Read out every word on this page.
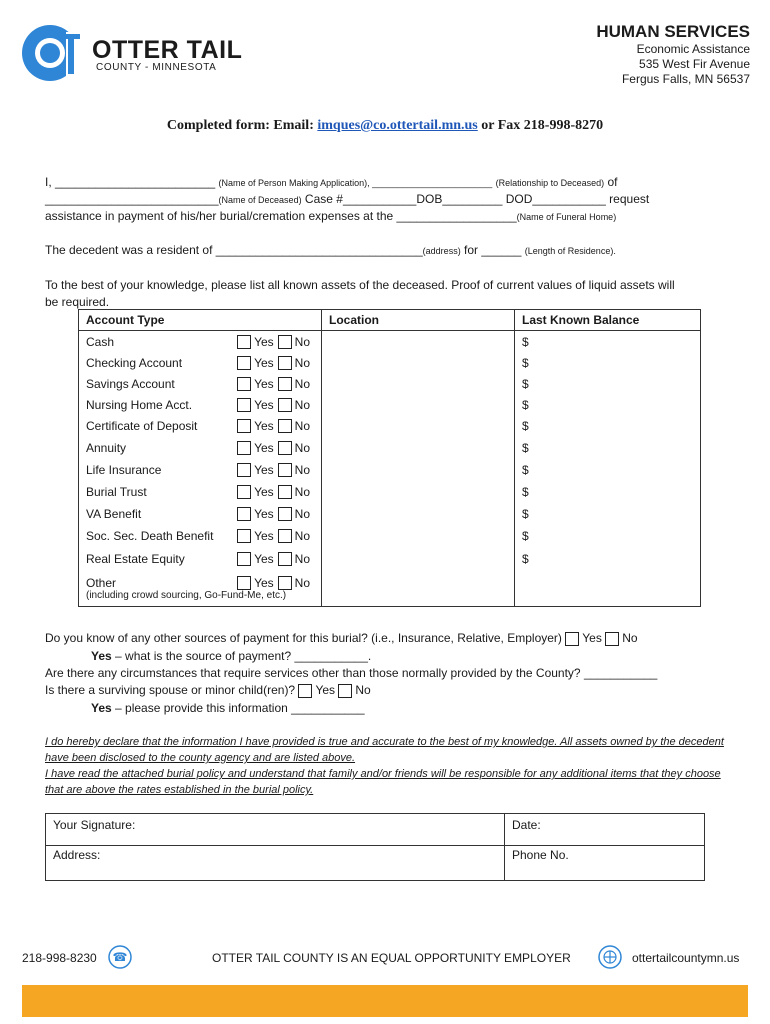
OTTER TAIL
COUNTY - MINNESOTA
HUMAN SERVICES
Economic Assistance
535 West Fir Avenue
Fergus Falls, MN 56537
Completed form: Email: imques@co.ottertail.mn.us or Fax 218-998-8270
I, ________________________ (Name of Person Making Application), ________________________ (Relationship to Deceased) of
__________________________(Name of Deceased) Case #___________DOB_________ DOD___________ request
assistance in payment of his/her burial/cremation expenses at the __________________(Name of Funeral Home)
The decedent was a resident of _______________________________(address) for ______ (Length of Residence).
To the best of your knowledge, please list all known assets of the deceased. Proof of current values of liquid assets will
be required.
Account Type	Location	Last Known Balance

Cash Yes No		$

Checking Account Yes No		$

Savings Account Yes No		$

Nursing Home Acct. Yes No		$

Certificate of Deposit Yes No		$

Annuity Yes No		$

Life Insurance Yes No		$

Burial Trust Yes No		$

VA Benefit Yes No		$

Soc. Sec. Death Benefit Yes No		$

Real Estate Equity Yes No		$

Other Yes No
(including crowd sourcing, Go-Fund-Me, etc.)		

Do you know of any other sources of payment for this burial? (i.e., Insurance, Relative, Employer) Yes No
Yes – what is the source of payment? ___________.
Are there any circumstances that require services other than those normally provided by the County? ___________
Is there a surviving spouse or minor child(ren)? Yes No
Yes – please provide this information ___________
I do hereby declare that the information I have provided is true and accurate to the best of my knowledge. All assets owned by the decedent have been disclosed to the county agency and are listed above.
I have read the attached burial policy and understand that family and/or friends will be responsible for any additional items that they choose that are above the rates established in the burial policy.
Your Signature:	Date:
Address:	Phone No.
218-998-8230 ☎	OTTER TAIL COUNTY IS AN EQUAL OPPORTUNITY EMPLOYER	ottertailcountymn.us
